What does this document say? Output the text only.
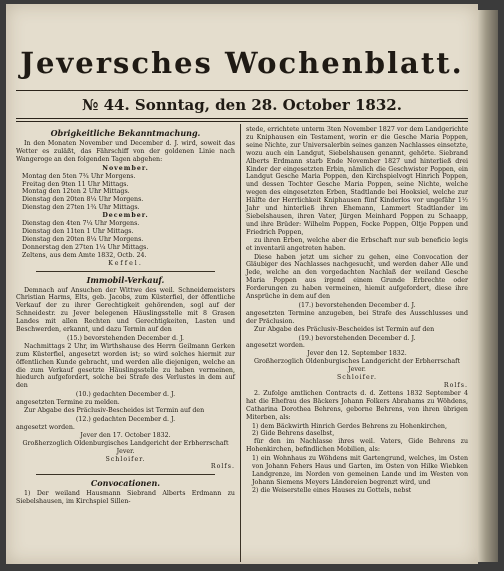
Jeversches Wochenblatt.
№ 44. Sonntag, den 28. October 1832.
Obrigkeitliche Bekanntmachung.
In den Monaten November und December d. J. wird, soweit das Wetter es zuläßt, das Fährschiff von der goldenen Linie nach Wangeroge an den folgenden Tagen abgehen:
November.
Montag den 5ten 7¾ Uhr Morgens.
Freitag den 9ten 11 Uhr Mittags.
Montag den 12ten 2 Uhr Mittags.
Dienstag den 20ten 8¼ Uhr Morgens.
Dienstag den 27ten 1¾ Uhr Mittags.
December.
Dienstag den 4ten 7¼ Uhr Morgens.
Dienstag den 11ten 1 Uhr Mittags.
Dienstag den 20ten 8¼ Uhr Morgens.
Donnerstag den 27ten 1¼ Uhr Mittags.
Zeltens, aus dem Amte 1832, Octb. 24.
Keffel.
Immobil-Verkauf.
Demnach auf Ansuchen der Wittwe des weil. Schneidemeisters Christian Harms, Elts, geb. Jacobs, zum Küsterfiel, der öffentliche Verkauf der zu ihrer Gerechtigkeit gehörenden, sogl auf der Schneidestr. zu Jever belegenen Häuslingsstelle mit 8 Grasen Landes mit allen Rechten und Gerechtigkeiten, Lasten und Beschwerden, erkannt, und dazu Termin auf den
(15.) bevorstehenden December d. J.
Nachmittags 2 Uhr, im Wirthshause des Herrn Geilmann Gerken zum Küsterfiel, angesetzt worden ist; so wird solches hiermit zur öffentlichen Kunde gebracht, und werden alle diejenigen, welche an die zum Verkauf gesetzte Häuslingsstelle zu haben vermeinen, hiedurch aufgefordert, solche bei Strafe des Verlustes in dem auf den
(10.) gedachten December d. J.
angesetzten Termine zu melden.
Zur Abgabe des Präclusiv-Bescheides ist Termin auf den
(12.) gedachten December d. J.
angesetzt worden.
Jever den 17. October 1832.
Großherzoglich Oldenburgisches Landgericht der Erbherrschaft Jever.
Schloifer.
Rolfs.
Convocationen.
1) Der weiland Hausmann Siebrand Alberts Erdmann zu Siebelshausen, im Kirchspiel Sillen-
stede, errichtete unterm 3ten November 1827 vor dem Landgerichte zu Kniphausen ein Testament, worin er die Gesche Maria Poppen, seine Nichte, zur Universalerbin seines ganzen Nachlasses einsetzte, wozu auch ein Landgut, Siebelshausen genannt, gehörte. Siebrand Alberts Erdmann starb Ende November 1827 und hinterließ drei Kinder der eingesetzten Erbin, nämlich die Geschwister Poppen, ein Landgut Gesche Maria Poppen, den Kirchspielvogt Hinrich Poppen, und dessen Tochter Gesche Maria Poppen, seine Nichte, welche wegen des eingesetzten Erben, Stadtlande bei Hooksiel, welche zur Hälfte der Herrlichkeit Kniphausen fünf Kinderlos vor ungefähr 1½ Jahr und hinterließ ihren Ehemann, Lammert Stadtlander im Siebelshausen, ihren Vater, Jürgen Meinhard Poppen zu Schaapp, und ihre Brüder: Wilhelm Poppen, Focke Poppen, Oltje Poppen und Friedrich Poppen,
zu ihren Erben, welche aber die Erbschaft nur sub beneficio legis et inventarii angetreten haben.
Diese haben jetzt um sicher zu gehen, eine Convocation der Gläubiger des Nachlasses nachgesucht, und werden daher Alle und Jede, welche an den vorgedachten Nachlaß der weiland Gesche Maria Poppen aus irgend einem Grunde Erbrechte oder Forderungen zu haben vermeinen, hiemit aufgefordert, diese ihre Ansprüche in dem auf den
(17.) bevorstehenden December d. J.
angesetzten Termine anzugeben, bei Strafe des Ausschlusses und der Präclusion.
Zur Abgabe des Präclusiv-Bescheides ist Termin auf den
(19.) bevorstehenden December d. J.
angesetzt worden.
Jever den 12. September 1832.
Großherzoglich Oldenburgisches Landgericht der Erbherrschaft Jever.
Schloifer.
Rolfs.
2. Zufolge amtlichen Contracts d. d. Zettens 1832 September 4 hat die Ehefrau des Bäckers Johann Folkers Abrahams zu Wöhdens, Catharina Dorothea Behrens, geborne Behrens, von ihren übrigen Miterben, als:
1) dem Bäckwirth Hinrich Gerdes Behrens zu Hohenkirchen,
2) Gide Behrens daselbst,
für den im Nachlasse ihres weil. Vaters, Gide Behrens zu Hohenkirchen, befindlichen Mobilien, als:
1) ein Wohnhaus zu Wöhdens mit Gartengrund, welches, im Osten von Johann Fehers Haus und Garten, im Osten von Hilke Wiebken Landgrenze, im Norden von gemeinen Lande und im Westen von Johann Siemens Meyers Ländereien begrenzt wird, und
2) die Weiserstelle eines Hauses zu Gottels, nebst
